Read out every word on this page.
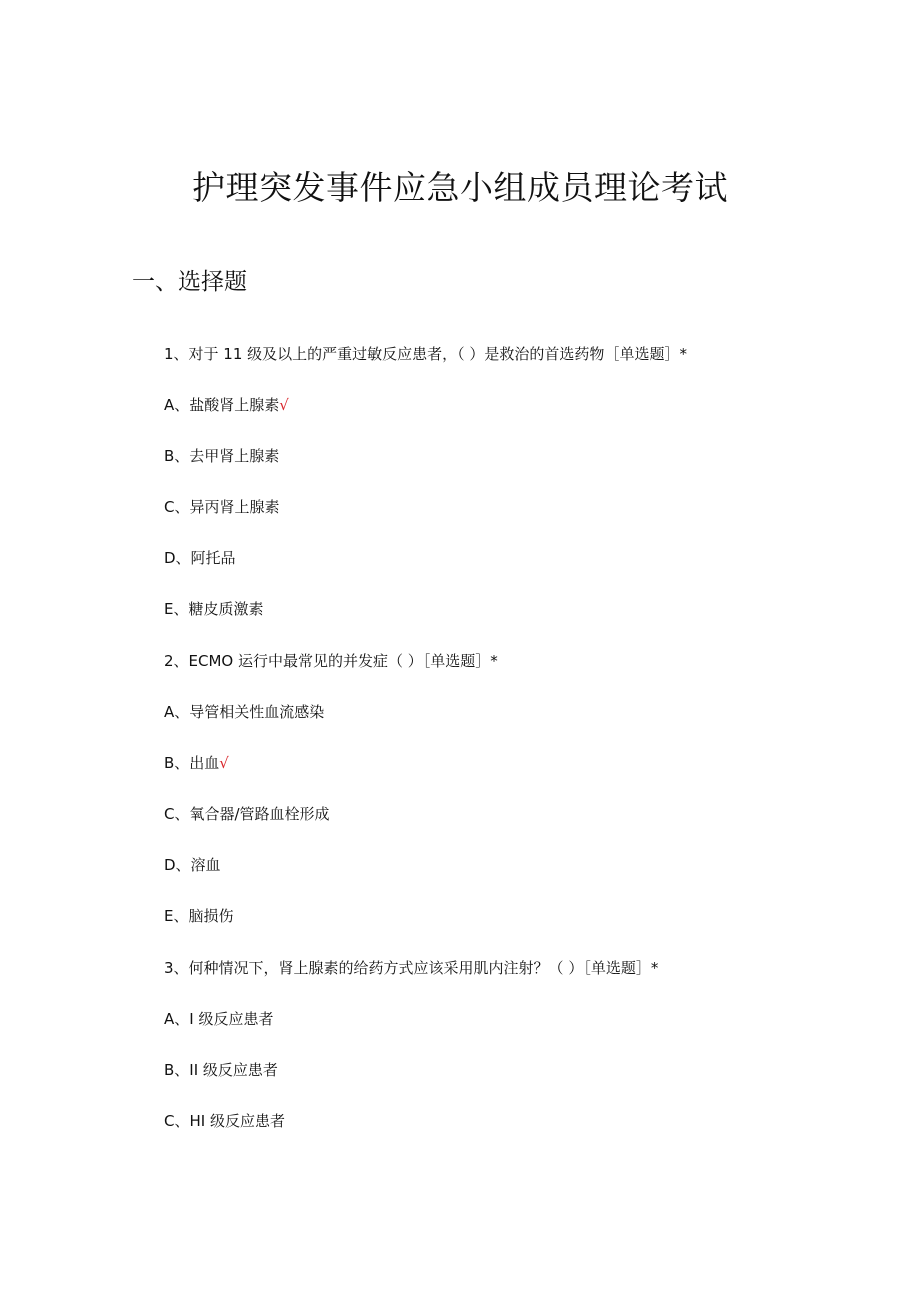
护理突发事件应急小组成员理论考试
一、选择题
1、对于 11 级及以上的严重过敏反应患者，（ ）是救治的首选药物［单选题］*
A、盐酸肾上腺素√
B、去甲肾上腺素
C、异丙肾上腺素
D、阿托品
E、糖皮质激素
2、ECMO 运行中最常见的并发症（ ）［单选题］*
A、导管相关性血流感染
B、出血√
C、氧合器/管路血栓形成
D、溶血
E、脑损伤
3、何种情况下，肾上腺素的给药方式应该采用肌内注射？（ ）［单选题］*
A、I 级反应患者
B、II 级反应患者
C、HI 级反应患者
